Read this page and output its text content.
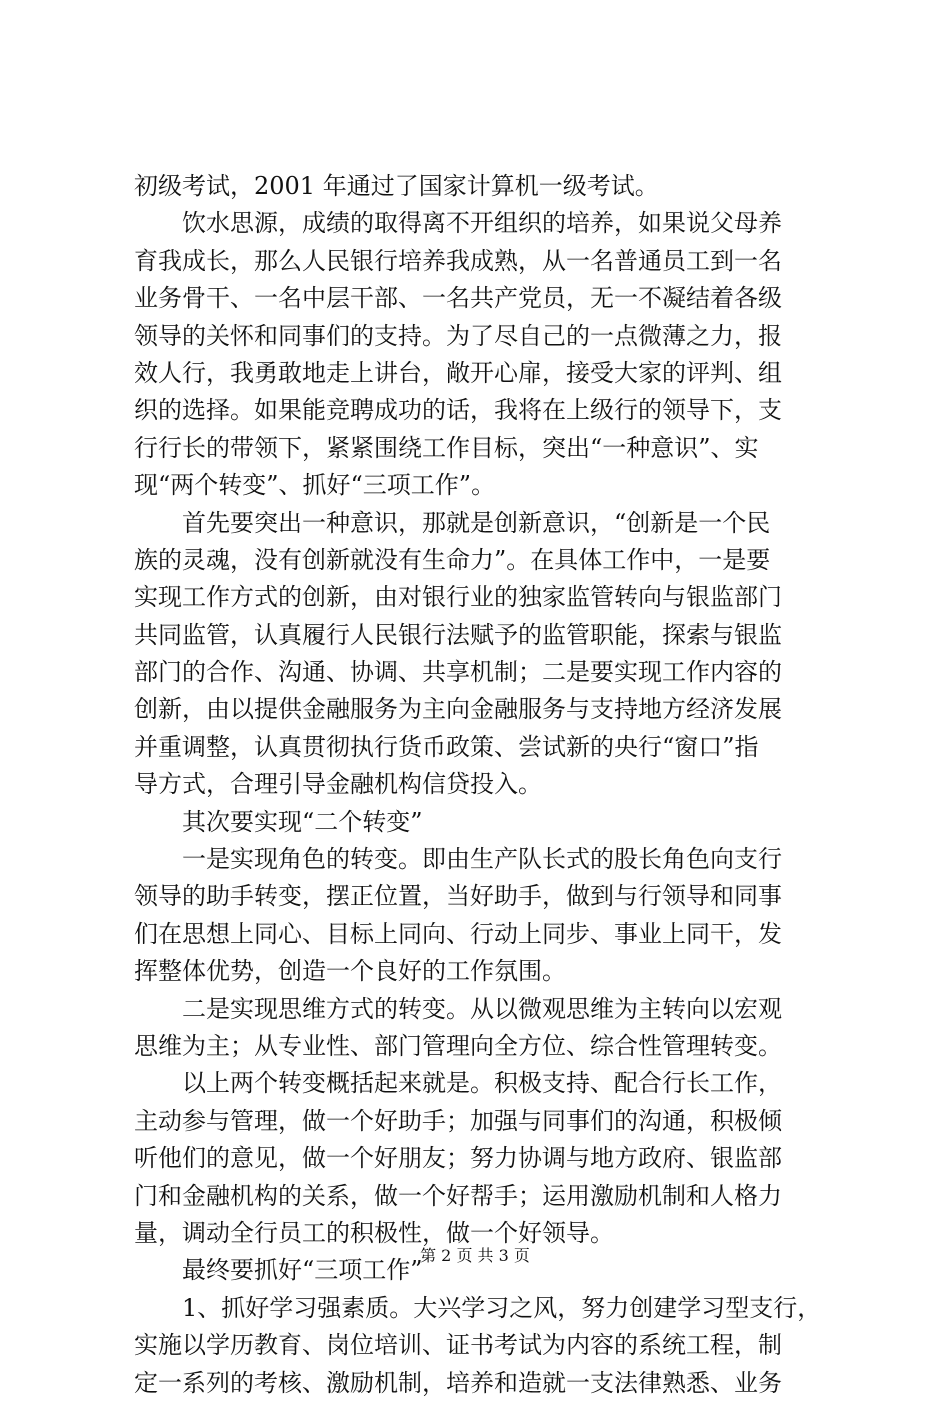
初级考试，2001 年通过了国家计算机一级考试。
饮水思源，成绩的取得离不开组织的培养，如果说父母养
育我成长，那么人民银行培养我成熟，从一名普通员工到一名
业务骨干、一名中层干部、一名共产党员，无一不凝结着各级
领导的关怀和同事们的支持。为了尽自己的一点微薄之力，报
效人行，我勇敢地走上讲台，敞开心扉，接受大家的评判、组
织的选择。如果能竞聘成功的话，我将在上级行的领导下，支
行行长的带领下，紧紧围绕工作目标，突出“一种意识”、实
现“两个转变”、抓好“三项工作”。
首先要突出一种意识，那就是创新意识，“创新是一个民
族的灵魂，没有创新就没有生命力”。在具体工作中，一是要
实现工作方式的创新，由对银行业的独家监管转向与银监部门
共同监管，认真履行人民银行法赋予的监管职能，探索与银监
部门的合作、沟通、协调、共享机制；二是要实现工作内容的
创新，由以提供金融服务为主向金融服务与支持地方经济发展
并重调整，认真贯彻执行货币政策、尝试新的央行“窗口”指
导方式，合理引导金融机构信贷投入。
其次要实现“二个转变”
一是实现角色的转变。即由生产队长式的股长角色向支行
领导的助手转变，摆正位置，当好助手，做到与行领导和同事
们在思想上同心、目标上同向、行动上同步、事业上同干，发
挥整体优势，创造一个良好的工作氛围。
二是实现思维方式的转变。从以微观思维为主转向以宏观
思维为主；从专业性、部门管理向全方位、综合性管理转变。
以上两个转变概括起来就是。积极支持、配合行长工作，
主动参与管理，做一个好助手；加强与同事们的沟通，积极倾
听他们的意见，做一个好朋友；努力协调与地方政府、银监部
门和金融机构的关系，做一个好帮手；运用激励机制和人格力
量，调动全行员工的积极性，做一个好领导。
最终要抓好“三项工作”
1、抓好学习强素质。大兴学习之风，努力创建学习型支行，
实施以学历教育、岗位培训、证书考试为内容的系统工程，制
定一系列的考核、激励机制，培养和造就一支法律熟悉、业务
第 2 页 共 3 页
